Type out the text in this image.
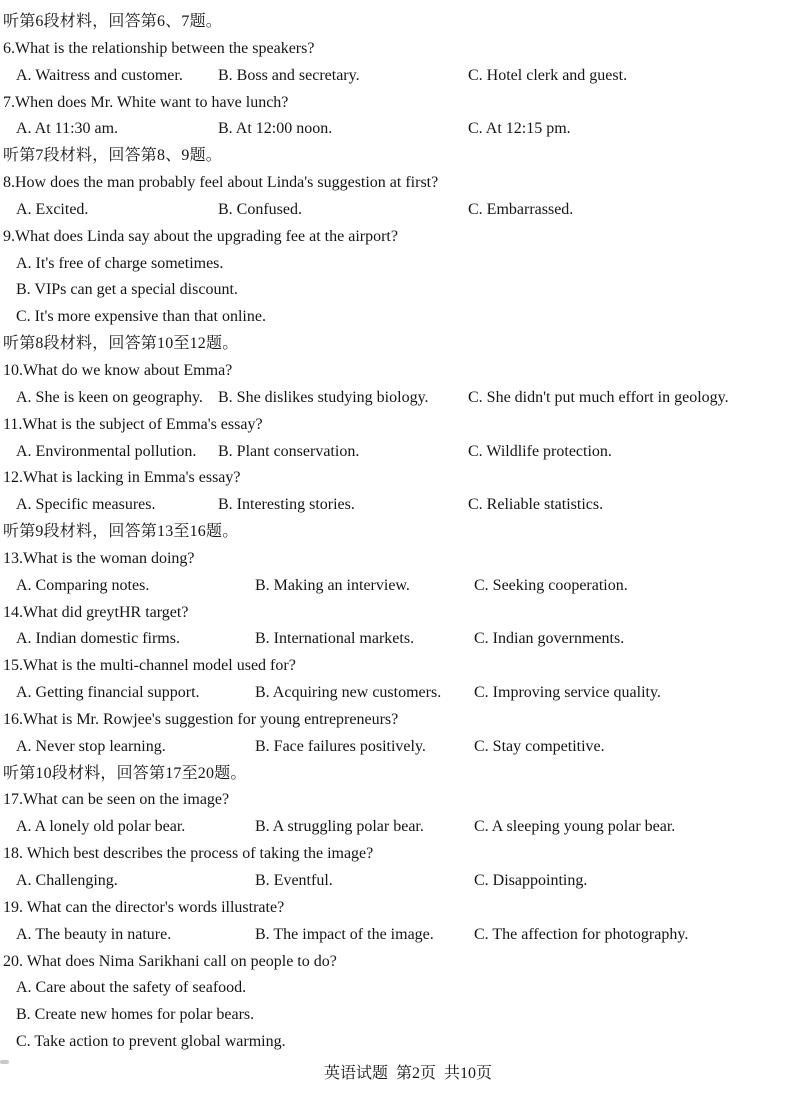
听第6段材料，回答第6、7题。
6.What is the relationship between the speakers?
A. Waitress and customer.	B. Boss and secretary.	C. Hotel clerk and guest.
7.When does Mr. White want to have lunch?
A. At 11:30 am.	B. At 12:00 noon.	C. At 12:15 pm.
听第7段材料，回答第8、9题。
8.How does the man probably feel about Linda's suggestion at first?
A. Excited.	B. Confused.	C. Embarrassed.
9.What does Linda say about the upgrading fee at the airport?
A. It's free of charge sometimes.
B. VIPs can get a special discount.
C. It's more expensive than that online.
听第8段材料，回答第10至12题。
10.What do we know about Emma?
A. She is keen on geography. B. She dislikes studying biology.	C. She didn't put much effort in geology.
11.What is the subject of Emma's essay?
A. Environmental pollution.	B. Plant conservation.	C. Wildlife protection.
12.What is lacking in Emma's essay?
A. Specific measures.	B. Interesting stories.	C. Reliable statistics.
听第9段材料，回答第13至16题。
13.What is the woman doing?
A. Comparing notes.	B. Making an interview.	C. Seeking cooperation.
14.What did greytHR target?
A. Indian domestic firms.	B. International markets.	C. Indian governments.
15.What is the multi-channel model used for?
A. Getting financial support.	B. Acquiring new customers.	C. Improving service quality.
16.What is Mr. Rowjee's suggestion for young entrepreneurs?
A. Never stop learning.	B. Face failures positively.	C. Stay competitive.
听第10段材料，回答第17至20题。
17.What can be seen on the image?
A. A lonely old polar bear.	B. A struggling polar bear.	C. A sleeping young polar bear.
18. Which best describes the process of taking the image?
A. Challenging.	B. Eventful.	C. Disappointing.
19. What can the director's words illustrate?
A. The beauty in nature.	B. The impact of the image.	C. The affection for photography.
20. What does Nima Sarikhani call on people to do?
A. Care about the safety of seafood.
B. Create new homes for polar bears.
C. Take action to prevent global warming.

英语试题  第2页  共10页
